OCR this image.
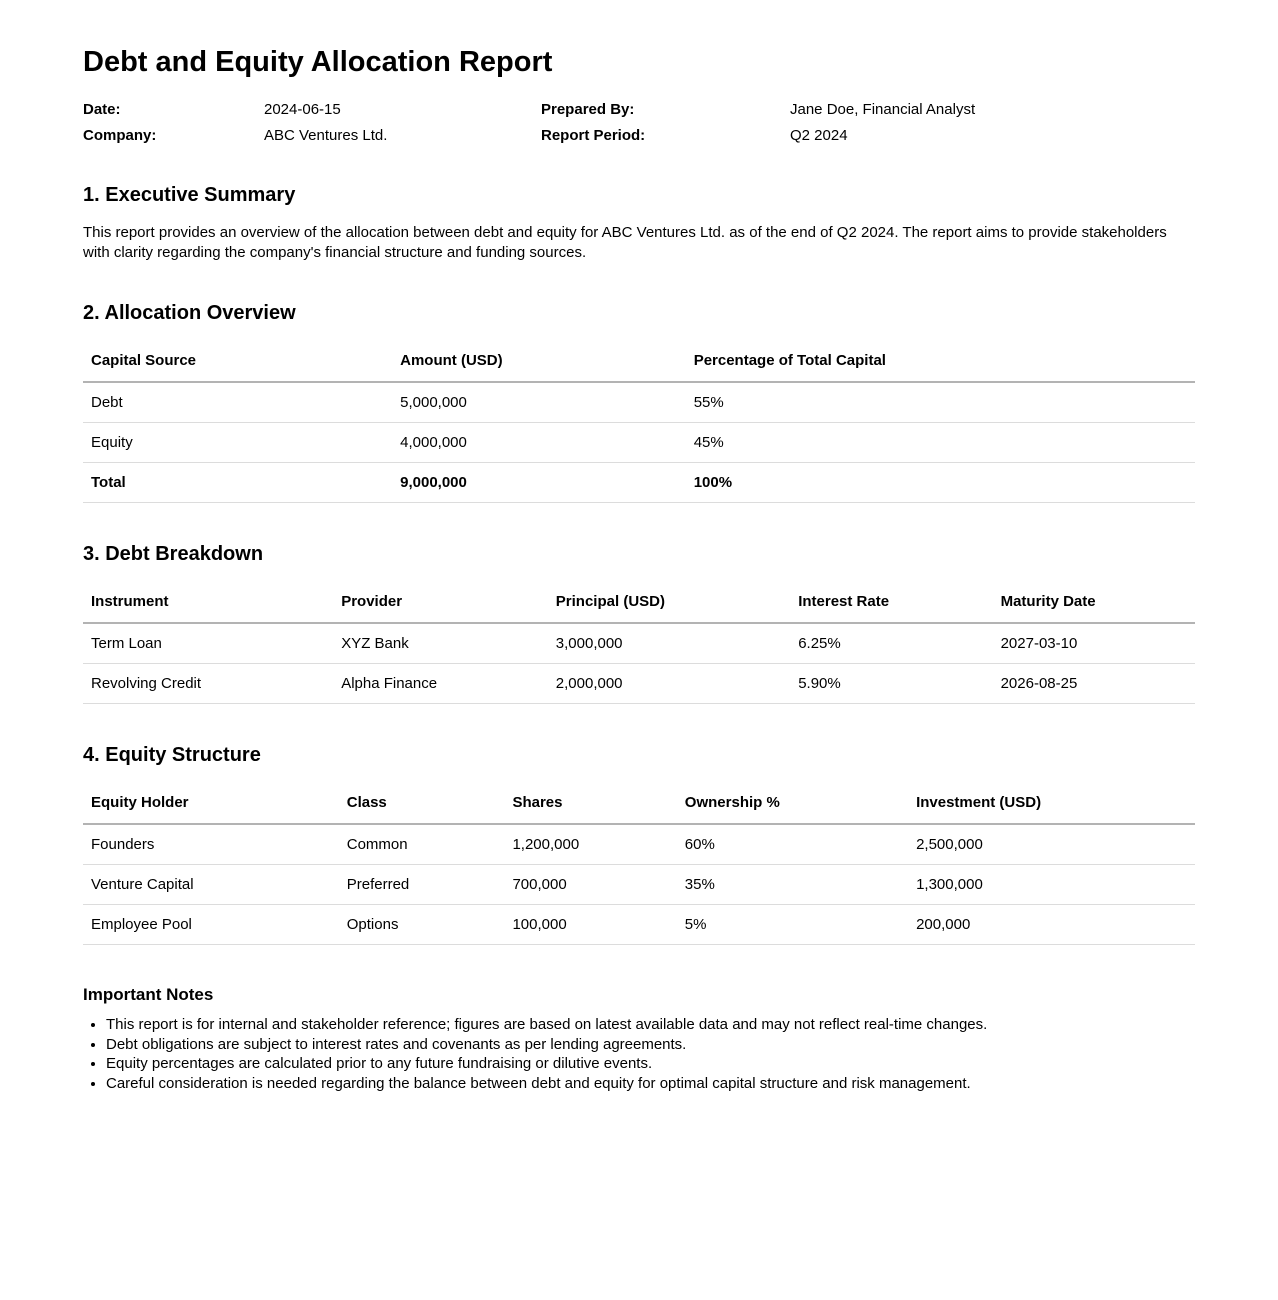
Debt and Equity Allocation Report
Date:	2024-06-15	Prepared By:	Jane Doe, Financial Analyst
Company:	ABC Ventures Ltd.	Report Period:	Q2 2024
1. Executive Summary

This report provides an overview of the allocation between debt and equity for ABC Ventures Ltd. as of the end of Q2 2024. The report aims to provide stakeholders with clarity regarding the company's financial structure and funding sources.

2. Allocation Overview
Capital Source	Amount (USD)	Percentage of Total Capital
Debt	5,000,000	55%
Equity	4,000,000	45%
Total	9,000,000	100%
3. Debt Breakdown
Instrument	Provider	Principal (USD)	Interest Rate	Maturity Date
Term Loan	XYZ Bank	3,000,000	6.25%	2027-03-10
Revolving Credit	Alpha Finance	2,000,000	5.90%	2026-08-25
4. Equity Structure
Equity Holder	Class	Shares	Ownership %	Investment (USD)
Founders	Common	1,200,000	60%	2,500,000
Venture Capital	Preferred	700,000	35%	1,300,000
Employee Pool	Options	100,000	5%	200,000
Important Notes
• This report is for internal and stakeholder reference; figures are based on latest available data and may not reflect real-time changes.
• Debt obligations are subject to interest rates and covenants as per lending agreements.
• Equity percentages are calculated prior to any future fundraising or dilutive events.
• Careful consideration is needed regarding the balance between debt and equity for optimal capital structure and risk management.
